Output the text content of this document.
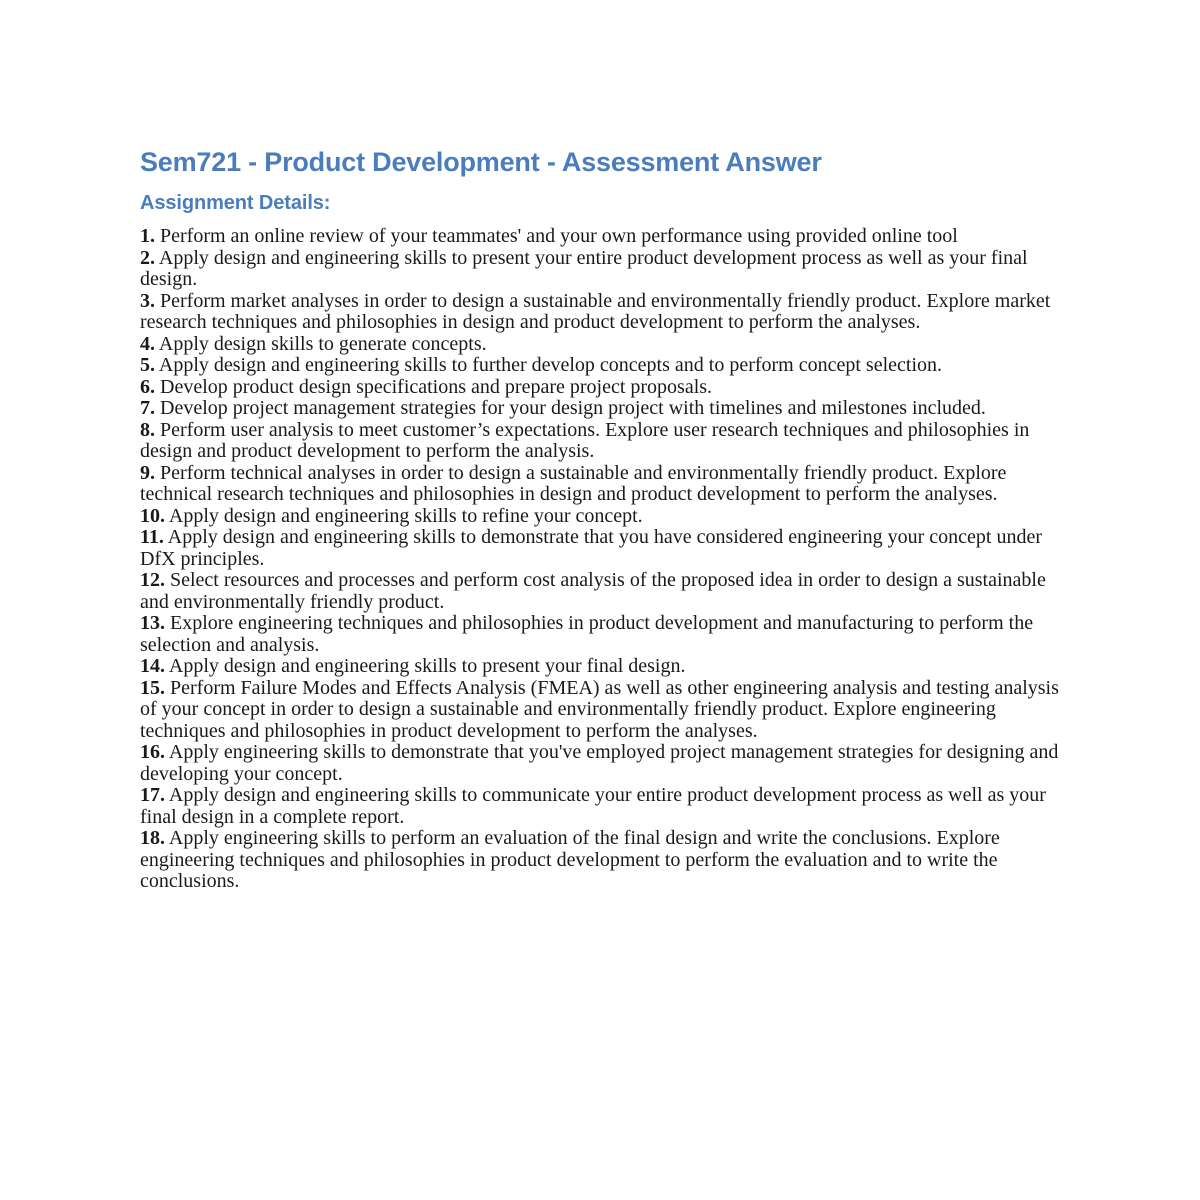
Sem721 - Product Development - Assessment Answer
Assignment Details:
1. Perform an online review of your teammates' and your own performance using provided online tool
2. Apply design and engineering skills to present your entire product development process as well as your final design.
3. Perform market analyses in order to design a sustainable and environmentally friendly product. Explore market research techniques and philosophies in design and product development to perform the analyses.
4. Apply design skills to generate concepts.
5. Apply design and engineering skills to further develop concepts and to perform concept selection.
6. Develop product design specifications and prepare project proposals.
7. Develop project management strategies for your design project with timelines and milestones included.
8. Perform user analysis to meet customer’s expectations. Explore user research techniques and philosophies in design and product development to perform the analysis.
9. Perform technical analyses in order to design a sustainable and environmentally friendly product. Explore technical research techniques and philosophies in design and product development to perform the analyses.
10. Apply design and engineering skills to refine your concept.
11. Apply design and engineering skills to demonstrate that you have considered engineering your concept under DfX principles.
12. Select resources and processes and perform cost analysis of the proposed idea in order to design a sustainable and environmentally friendly product.
13. Explore engineering techniques and philosophies in product development and manufacturing to perform the selection and analysis.
14. Apply design and engineering skills to present your final design.
15. Perform Failure Modes and Effects Analysis (FMEA) as well as other engineering analysis and testing analysis of your concept in order to design a sustainable and environmentally friendly product. Explore engineering techniques and philosophies in product development to perform the analyses.
16. Apply engineering skills to demonstrate that you've employed project management strategies for designing and developing your concept.
17. Apply design and engineering skills to communicate your entire product development process as well as your final design in a complete report.
18. Apply engineering skills to perform an evaluation of the final design and write the conclusions. Explore engineering techniques and philosophies in product development to perform the evaluation and to write the conclusions.
